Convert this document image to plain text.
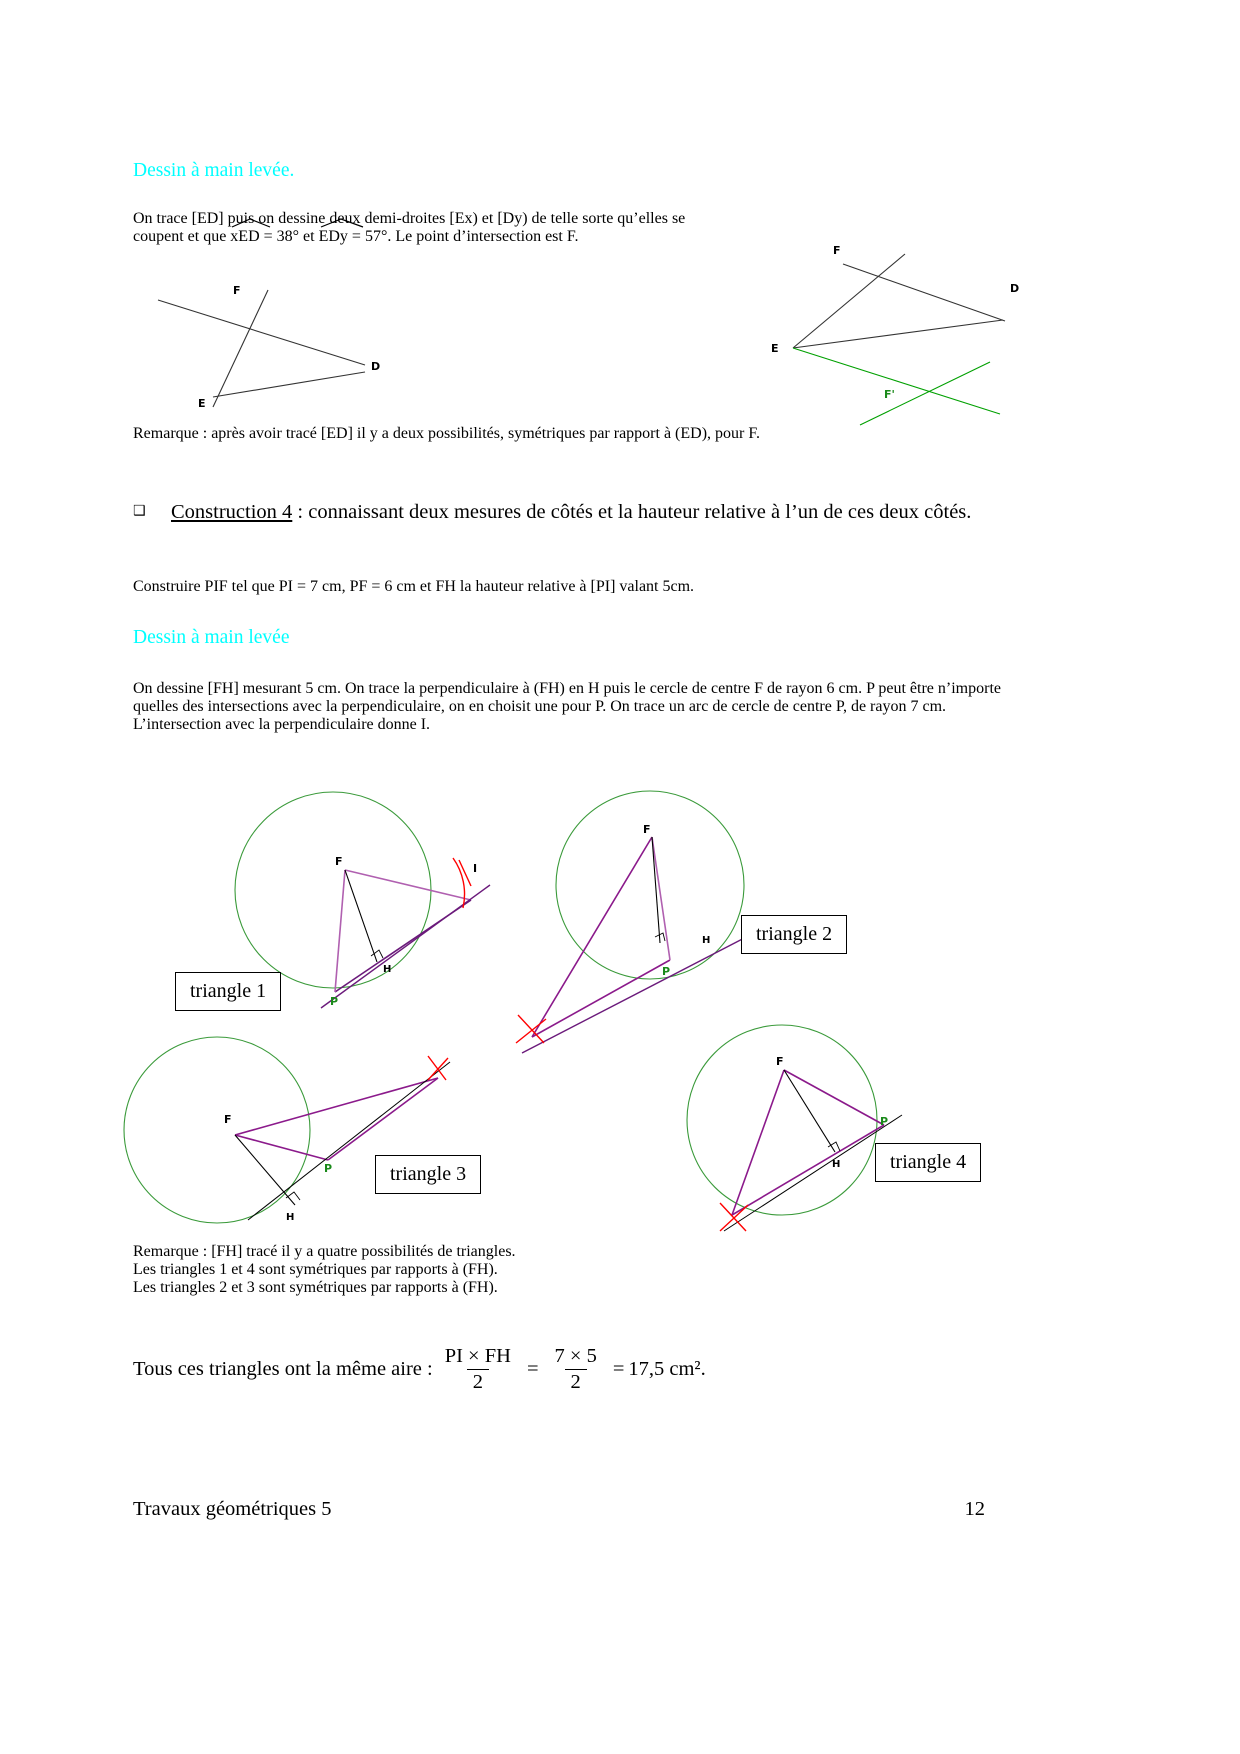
Dessin à main levée.
On trace [ED] puis on dessine deux demi-droites [Ex) et [Dy) de telle sorte qu’elles se
coupent et que
xED = 38° et
EDy = 57°. Le point d’intersection est F.
F
D
E
F
D
E
F'
Remarque : après avoir tracé [ED] il y a deux possibilités, symétriques par rapport à (ED), pour F.
❑	Construction 4 : connaissant deux mesures de côtés et la hauteur relative à l’un de ces deux côtés.
Construire PIF tel que PI = 7 cm, PF = 6 cm et FH la hauteur relative à [PI] valant 5cm.
Dessin à main levée
On dessine [FH] mesurant 5 cm. On trace la perpendiculaire à (FH) en H puis le cercle de centre F de rayon 6 cm. P peut être n’importe quelles des intersections avec la perpendiculaire, on en choisit une pour P. On trace un arc de cercle de centre P, de rayon 7 cm. L’intersection avec la perpendiculaire donne I.
F
H
P
I
triangle 1
F
H
P
triangle 2
F
H
P	triangle 3
F
H
P
triangle 4
Remarque : [FH] tracé il y a quatre possibilités de triangles.
Les triangles 1 et 4 sont symétriques par rapports à (FH).
Les triangles 2 et 3 sont symétriques par rapports à (FH).
Tous ces triangles ont la même aire : $\frac{PI \times FH}{2} = \frac{7 \times 5}{2} = 17,5$ cm².
Travaux géométriques 5	12
